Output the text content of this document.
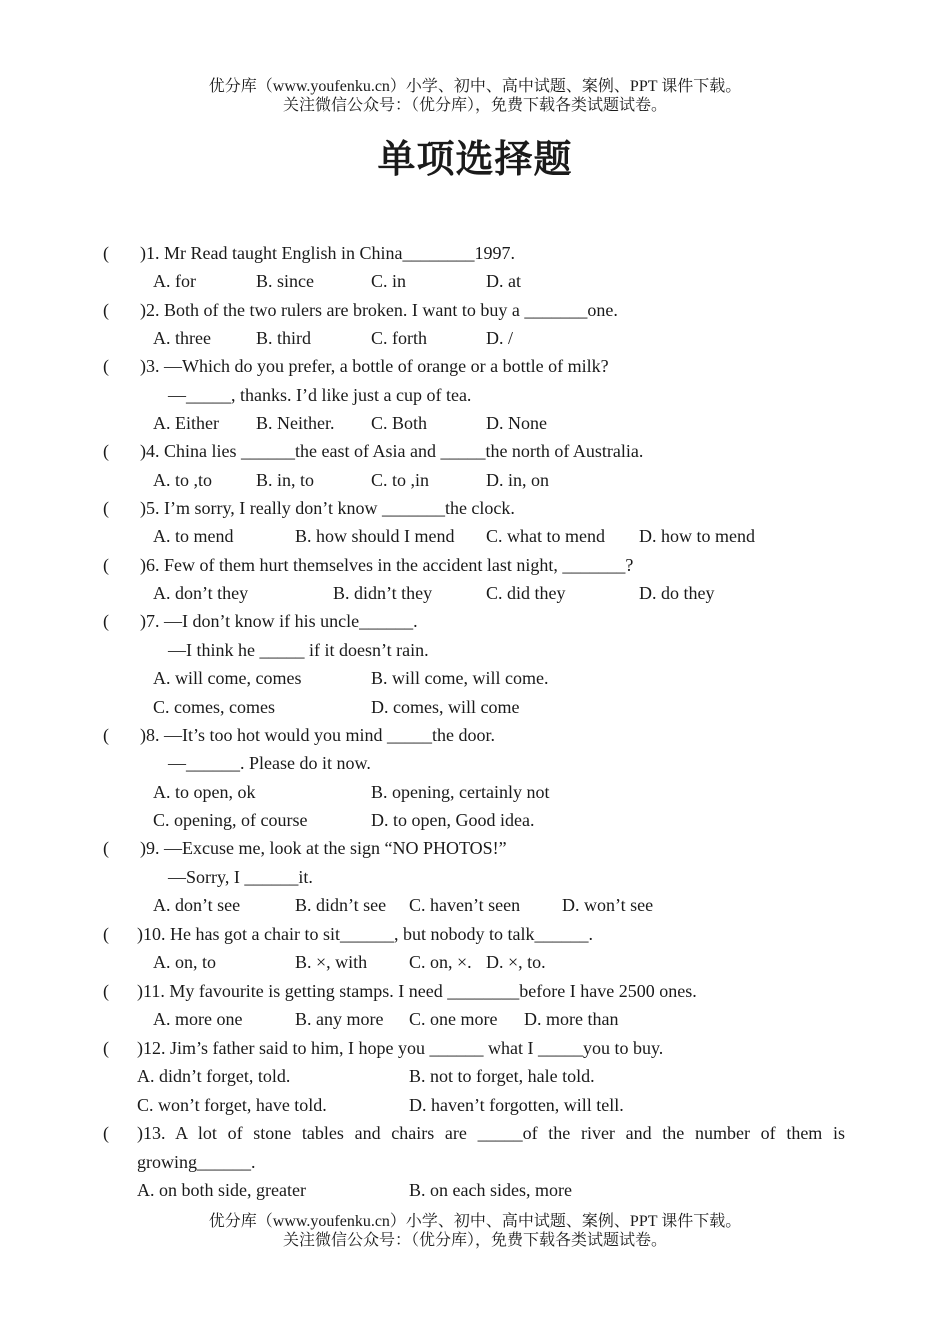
优分库（www.youfenku.cn）小学、初中、高中试题、案例、PPT 课件下载。
关注微信公众号：（优分库），免费下载各类试题试卷。
单项选择题
( )1. Mr Read taught English in China________1997.
A. for	B. since	C. in	D. at
( )2. Both of the two rulers are broken. I want to buy a _______one.
A. three	B. third	C. forth	D. /
( )3. —Which do you prefer, a bottle of orange or a bottle of milk?
—_____, thanks. I’d like just a cup of tea.
A. Either B. Neither. C. Both	D. None
( )4. China lies ______the east of Asia and _____the north of Australia.
A. to ,to B. in, to	C. to ,in	D. in, on
( )5. I’m sorry, I really don’t know _______the clock.
A. to mend	B. how should I mend C. what to mend D. how to mend
( )6. Few of them hurt themselves in the accident last night, _______?
A. don’t they	B. didn’t they	C. did they	D. do they
( )7. —I don’t know if his uncle______.
—I think he _____ if it doesn’t rain.
A. will come, comes	B. will come, will come.
C. comes, comes	D. comes, will come
( )8. —It’s too hot would you mind _____the door.
—______. Please do it now.
A. to open, ok	B. opening, certainly not
C. opening, of course	D. to open, Good idea.
( )9. —Excuse me, look at the sign “NO PHOTOS!”
—Sorry, I ______it.
A. don’t see	B. didn’t see C. haven’t seen D. won’t see
( )10. He has got a chair to sit______, but nobody to talk______.
A. on, to	B. ×, with C. on, ×. D. ×, to.
( )11. My favourite is getting stamps. I need ________before I have 2500 ones.
A. more one	B. any more C. one more D. more than
( )12. Jim’s father said to him, I hope you ______ what I _____you to buy.
A. didn’t forget, told.	B. not to forget, hale told.
C. won’t forget, have told.	D. haven’t forgotten, will tell.
( )13. A lot of stone tables and chairs are _____of the river and the number of them is
growing______.
A. on both side, greater	B. on each sides, more
优分库（www.youfenku.cn）小学、初中、高中试题、案例、PPT 课件下载。
关注微信公众号：（优分库），免费下载各类试题试卷。
